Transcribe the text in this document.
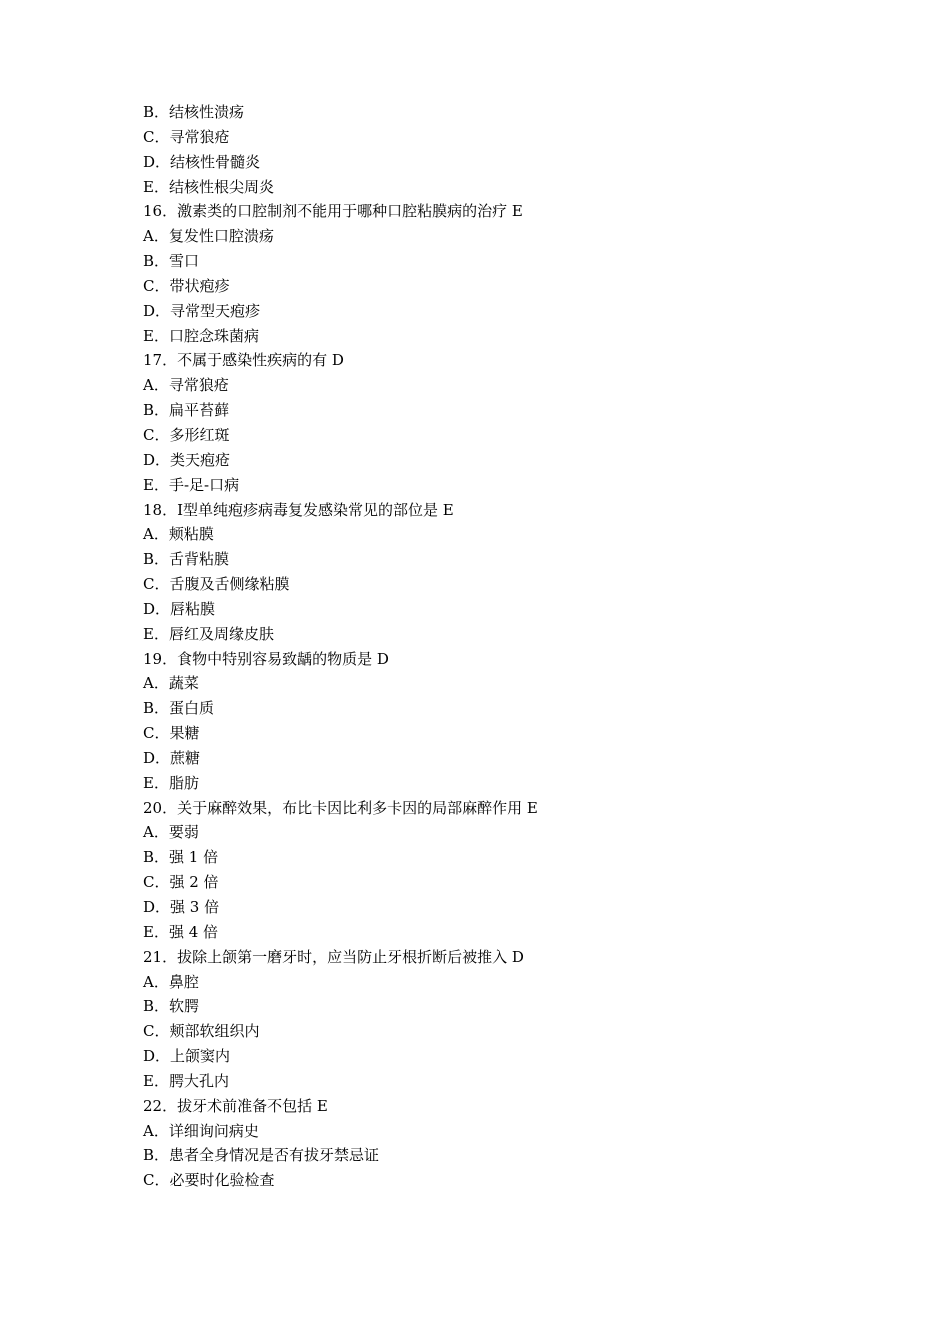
B．结核性溃疡
C．寻常狼疮
D．结核性骨髓炎
E．结核性根尖周炎
16．激素类的口腔制剂不能用于哪种口腔粘膜病的治疗 E
A．复发性口腔溃疡
B．雪口
C．带状疱疹
D．寻常型天疱疹
E．口腔念珠菌病
17．不属于感染性疾病的有 D
A．寻常狼疮
B．扁平苔藓
C．多形红斑
D．类天疱疮
E．手-足-口病
18．Ⅰ型单纯疱疹病毒复发感染常见的部位是 E
A．颊粘膜
B．舌背粘膜
C．舌腹及舌侧缘粘膜
D．唇粘膜
E．唇红及周缘皮肤
19．食物中特别容易致龋的物质是 D
A．蔬菜
B．蛋白质
C．果糖
D．蔗糖
E．脂肪
20．关于麻醉效果，布比卡因比利多卡因的局部麻醉作用 E
A．要弱
B．强 1 倍
C．强 2 倍
D．强 3 倍
E．强 4 倍
21．拔除上颌第一磨牙时，应当防止牙根折断后被推入 D
A．鼻腔
B．软腭
C．颊部软组织内
D．上颌窦内
E．腭大孔内
22．拔牙术前准备不包括 E
A．详细询问病史
B．患者全身情况是否有拔牙禁忌证
C．必要时化验检查
